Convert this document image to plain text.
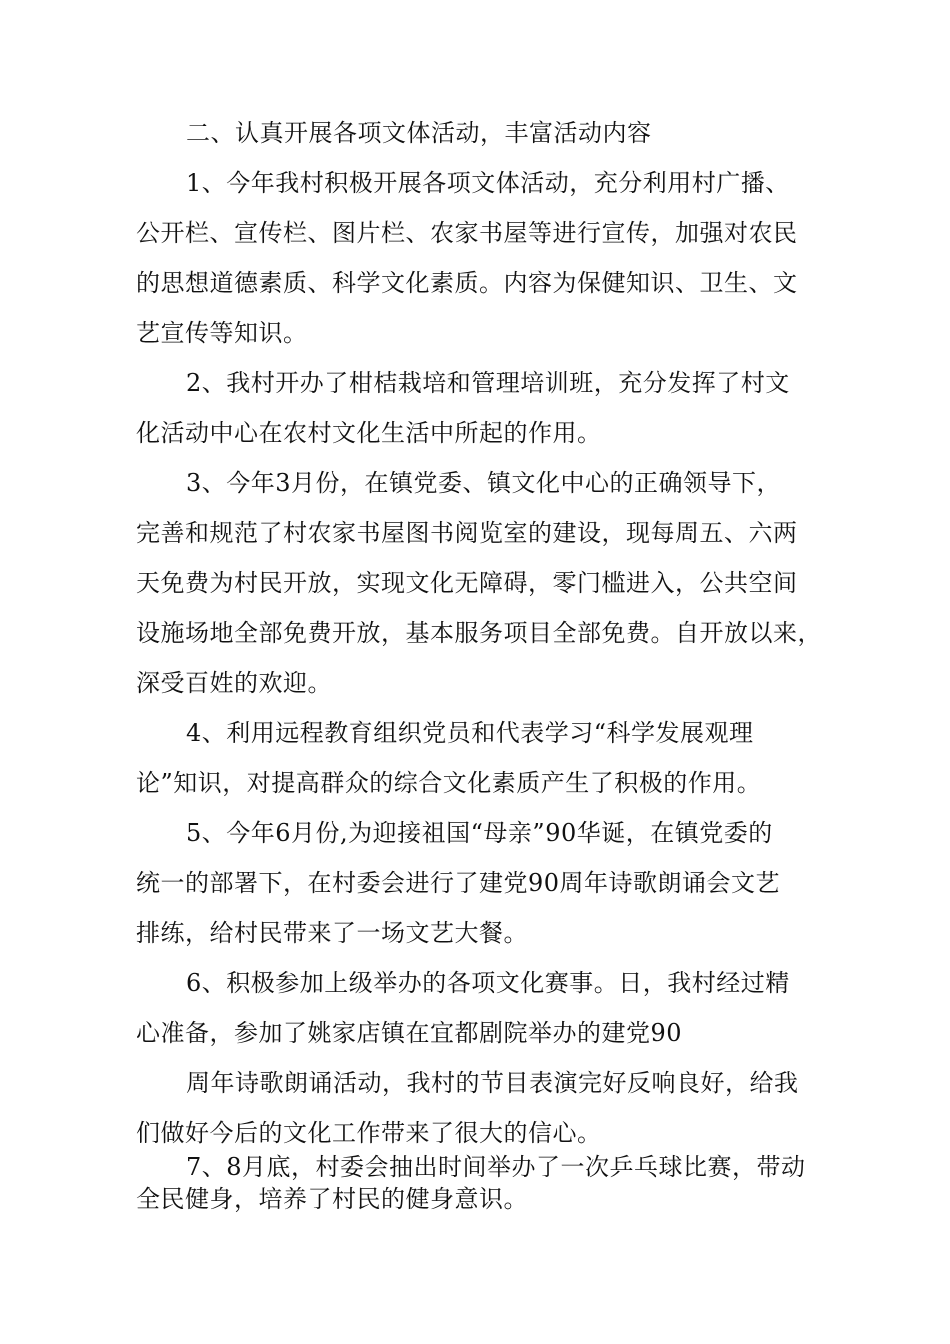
二、认真开展各项文体活动，丰富活动内容
1、今年我村积极开展各项文体活动，充分利用村广播、
公开栏、宣传栏、图片栏、农家书屋等进行宣传，加强对农民
的思想道德素质、科学文化素质。内容为保健知识、卫生、文
艺宣传等知识。
2、我村开办了柑桔栽培和管理培训班，充分发挥了村文
化活动中心在农村文化生活中所起的作用。
3、今年3月份，在镇党委、镇文化中心的正确领导下，
完善和规范了村农家书屋图书阅览室的建设，现每周五、六两
天免费为村民开放，实现文化无障碍，零门槛进入，公共空间
设施场地全部免费开放，基本服务项目全部免费。自开放以来，
深受百姓的欢迎。
4、利用远程教育组织党员和代表学习“科学发展观理
论”知识，对提高群众的综合文化素质产生了积极的作用。
5、今年6月份,为迎接祖国“母亲”90华诞，在镇党委的
统一的部署下，在村委会进行了建党90周年诗歌朗诵会文艺
排练，给村民带来了一场文艺大餐。
6、积极参加上级举办的各项文化赛事。日，我村经过精
心准备，参加了姚家店镇在宜都剧院举办的建党90
周年诗歌朗诵活动，我村的节目表演完好反响良好，给我
们做好今后的文化工作带来了很大的信心。
7、8月底，村委会抽出时间举办了一次乒乓球比赛，带动
全民健身，培养了村民的健身意识。
